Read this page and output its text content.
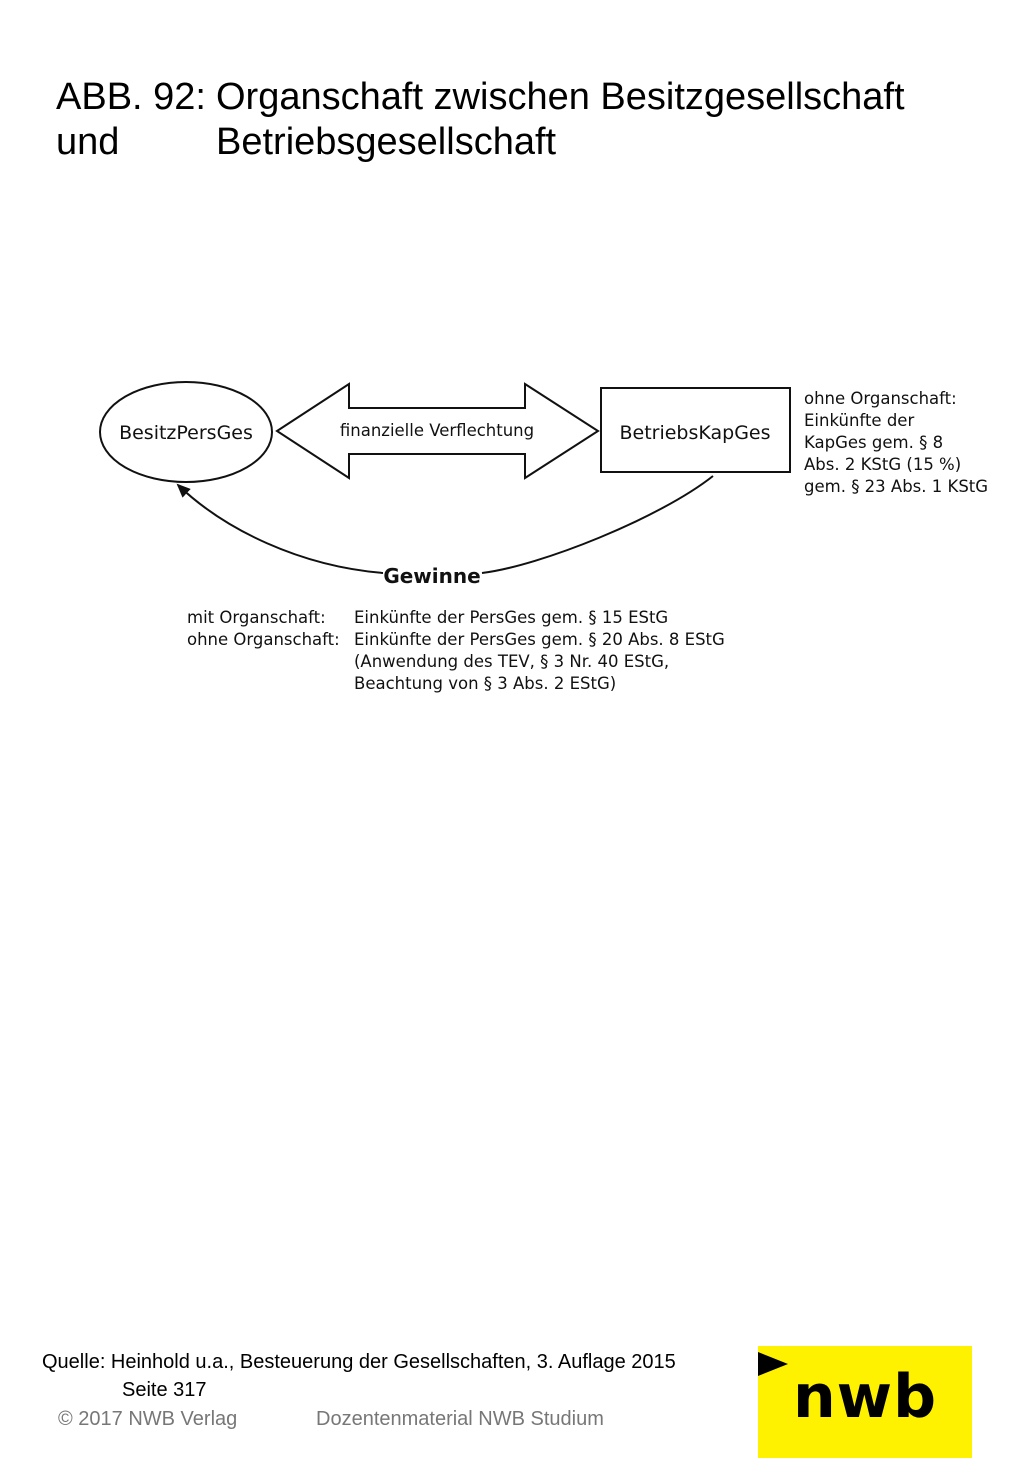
ABB. 92: Organschaft zwischen Besitzgesellschaft
und	Betriebsgesellschaft
BesitzPersGes	finanzielle Verflechtung	BetriebsKapGes
ohne Organschaft:
Einkünfte der
KapGes gem. § 8
Abs. 2 KStG (15 %)
gem. § 23 Abs. 1 KStG
Gewinne
mit Organschaft: Einkünfte der PersGes gem. § 15 EStG
ohne Organschaft: Einkünfte der PersGes gem. § 20 Abs. 8 EStG
(Anwendung des TEV, § 3 Nr. 40 EStG,
Beachtung von § 3 Abs. 2 EStG)
Quelle: Heinhold u.a., Besteuerung der Gesellschaften, 3. Auflage 2015
Seite 317
© 2017 NWB Verlag	Dozentenmaterial NWB Studium	nwb
